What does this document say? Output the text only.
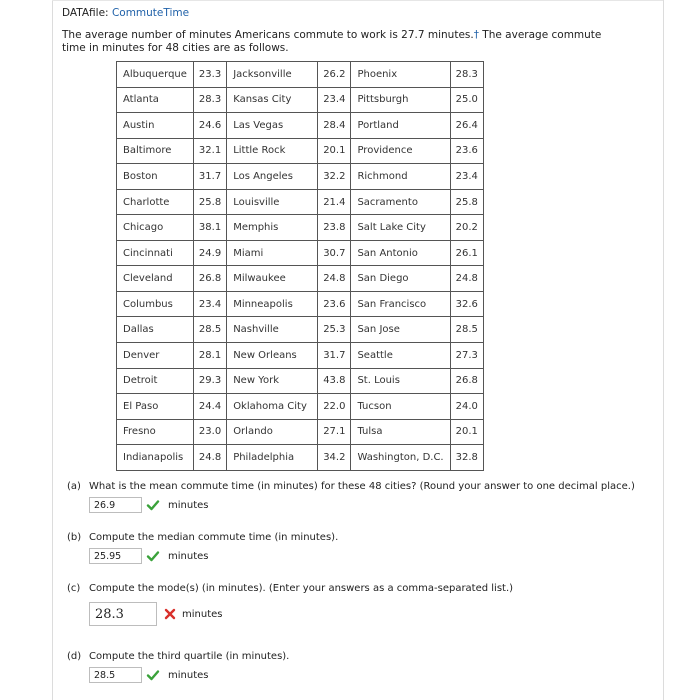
DATAfile: CommuteTime
The average number of minutes Americans commute to work is 27.7 minutes.† The average commute time in minutes for 48 cities are as follows.
Albuquerque	23.3	Jacksonville	26.2	Phoenix	28.3
Atlanta	28.3	Kansas City	23.4	Pittsburgh	25.0
Austin	24.6	Las Vegas	28.4	Portland	26.4
Baltimore	32.1	Little Rock	20.1	Providence	23.6
Boston	31.7	Los Angeles	32.2	Richmond	23.4
Charlotte	25.8	Louisville	21.4	Sacramento	25.8
Chicago	38.1	Memphis	23.8	Salt Lake City	20.2
Cincinnati	24.9	Miami	30.7	San Antonio	26.1
Cleveland	26.8	Milwaukee	24.8	San Diego	24.8
Columbus	23.4	Minneapolis	23.6	San Francisco	32.6
Dallas	28.5	Nashville	25.3	San Jose	28.5
Denver	28.1	New Orleans	31.7	Seattle	27.3
Detroit	29.3	New York	43.8	St. Louis	26.8
El Paso	24.4	Oklahoma City	22.0	Tucson	24.0
Fresno	23.0	Orlando	27.1	Tulsa	20.1
Indianapolis	24.8	Philadelphia	34.2	Washington, D.C.	32.8
(a) What is the mean commute time (in minutes) for these 48 cities? (Round your answer to one decimal place.)
26.9	minutes
(b) Compute the median commute time (in minutes).
25.95	minutes
(c) Compute the mode(s) (in minutes). (Enter your answers as a comma-separated list.)
28.3	minutes
(d) Compute the third quartile (in minutes).
28.5	minutes
